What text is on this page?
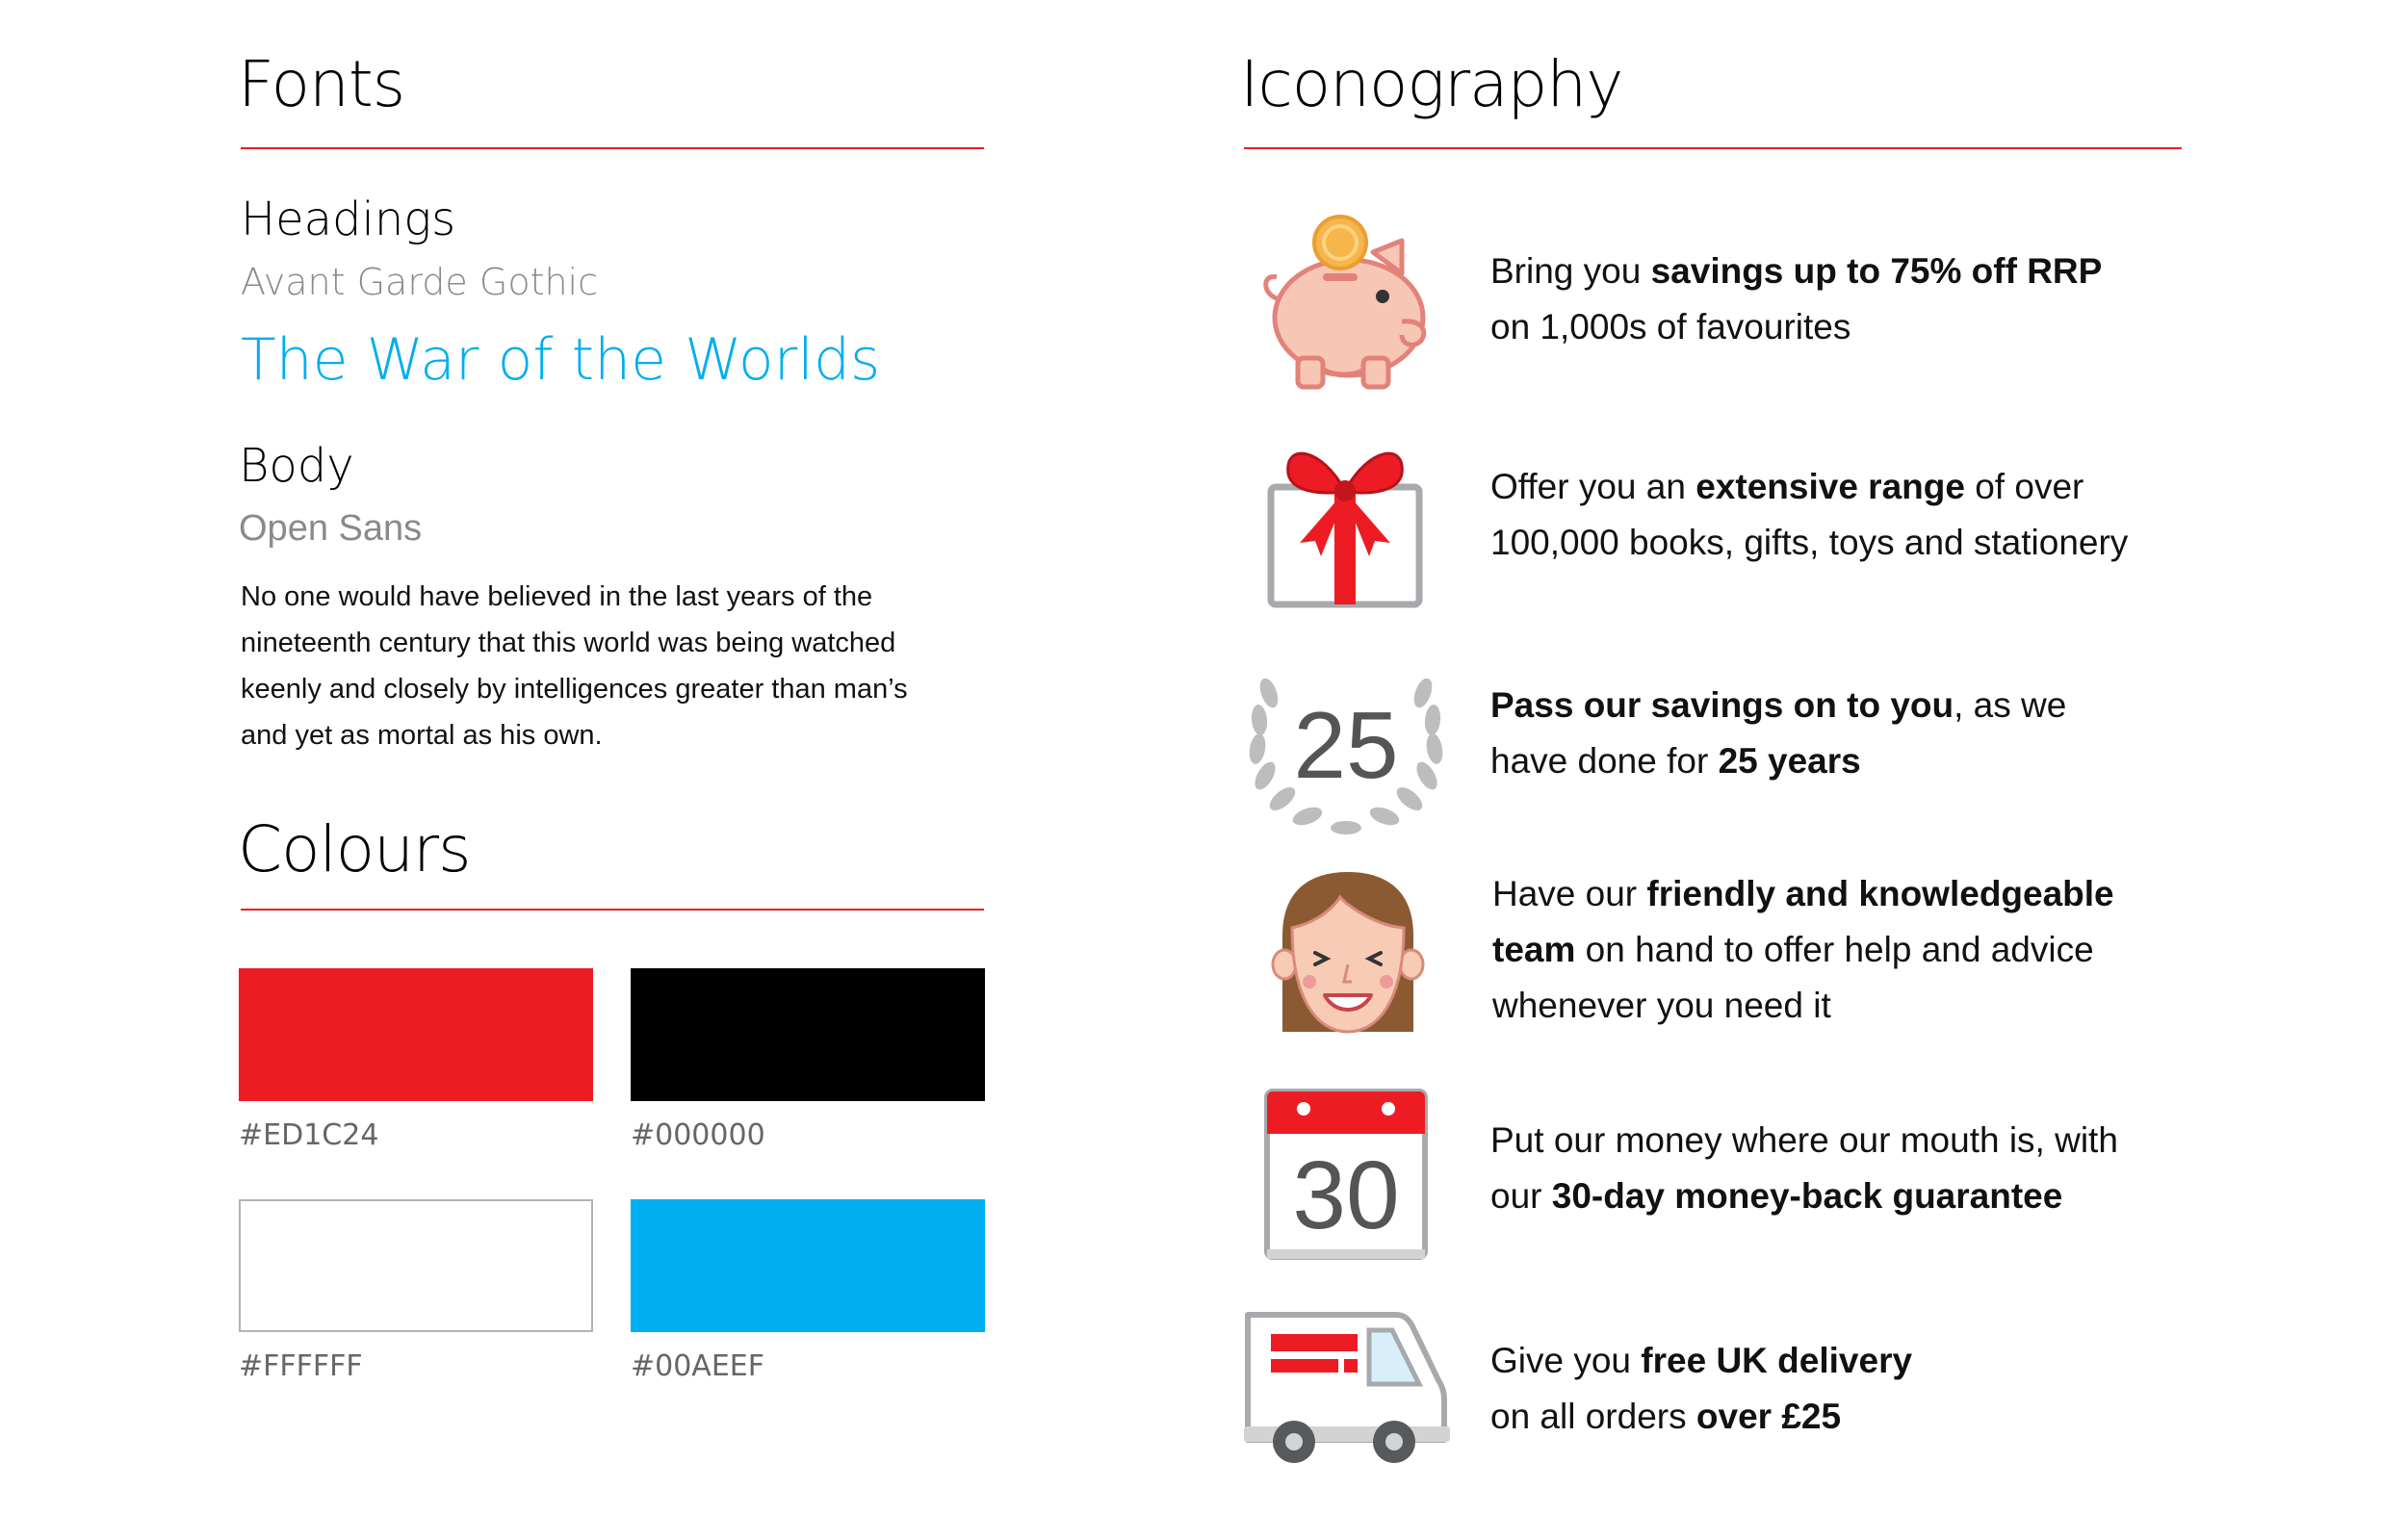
Fonts
Headings
Avant Garde Gothic
The War of the Worlds
Body
Open Sans
No one would have believed in the last years of the nineteenth century that this world was being watched keenly and closely by intelligences greater than man’s and yet as mortal as his own.
Colours
#ED1C24	#000000
#FFFFFF	#00AEEF
Iconography
Bring you savings up to 75% off RRP
on 1,000s of favourites
Offer you an extensive range of over
100,000 books, gifts, toys and stationery
25	Pass our savings on to you, as we
have done for 25 years
Have our friendly and knowledgeable
team on hand to offer help and advice
whenever you need it
30
Put our money where our mouth is, with
our 30-day money-back guarantee
Give you free UK delivery
on all orders over £25
